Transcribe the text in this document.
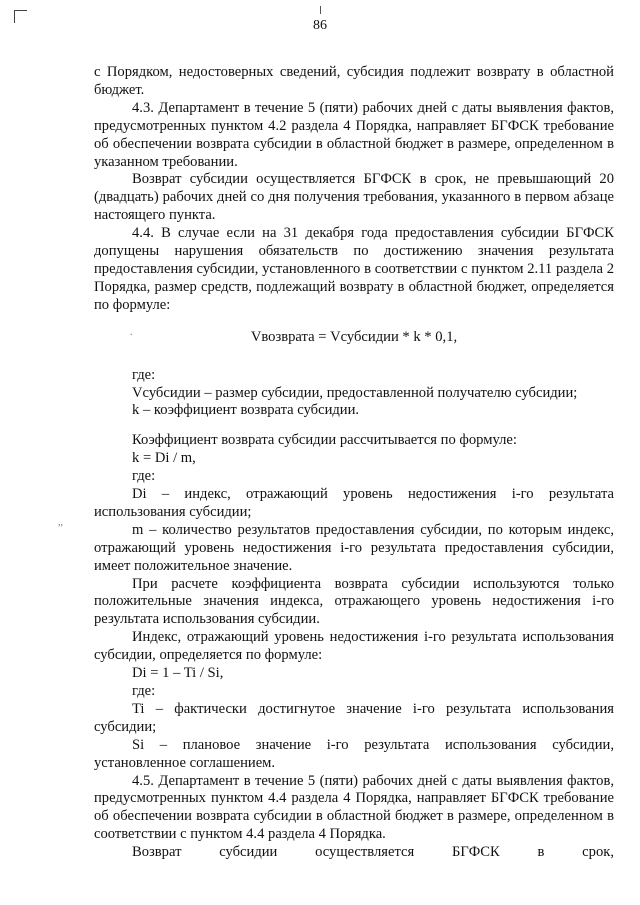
.
,,
86

с Порядком, недостоверных сведений, субсидия подлежит возврату в областной бюджет.

4.3. Департамент в течение 5 (пяти) рабочих дней с даты выявления фактов, предусмотренных пунктом 4.2 раздела 4 Порядка, направляет БГФСК требование об обеспечении возврата субсидии в областной бюджет в размере, определенном в указанном требовании.

Возврат субсидии осуществляется БГФСК в срок, не превышающий 20 (двадцать) рабочих дней со дня получения требования, указанного в первом абзаце настоящего пункта.

4.4. В случае если на 31 декабря года предоставления субсидии БГФСК допущены нарушения обязательств по достижению значения результата предоставления субсидии, установленного в соответствии с пунктом 2.11 раздела 2 Порядка, размер средств, подлежащий возврату в областной бюджет, определяется по формуле:

Vвозврата = Vсубсидии * k * 0,1,

где:

Vсубсидии – размер субсидии, предоставленной получателю субсидии;

k – коэффициент возврата субсидии.

Коэффициент возврата субсидии рассчитывается по формуле:

k = Di / m,

где:

Di – индекс, отражающий уровень недостижения i-го результата использования субсидии;

m – количество результатов предоставления субсидии, по которым индекс, отражающий уровень недостижения i-го результата предоставления субсидии, имеет положительное значение.

При расчете коэффициента возврата субсидии используются только положительные значения индекса, отражающего уровень недостижения i-го результата использования субсидии.

Индекс, отражающий уровень недостижения i-го результата использования субсидии, определяется по формуле:

Di = 1 – Ti / Si,

где:

Ti – фактически достигнутое значение i-го результата использования субсидии;

Si – плановое значение i-го результата использования субсидии, установленное соглашением.

4.5. Департамент в течение 5 (пяти) рабочих дней с даты выявления фактов, предусмотренных пунктом 4.4 раздела 4 Порядка, направляет БГФСК требование об обеспечении возврата субсидии в областной бюджет в размере, определенном в соответствии с пунктом 4.4 раздела 4 Порядка.

Возврат субсидии осуществляется БГФСК в срок,
